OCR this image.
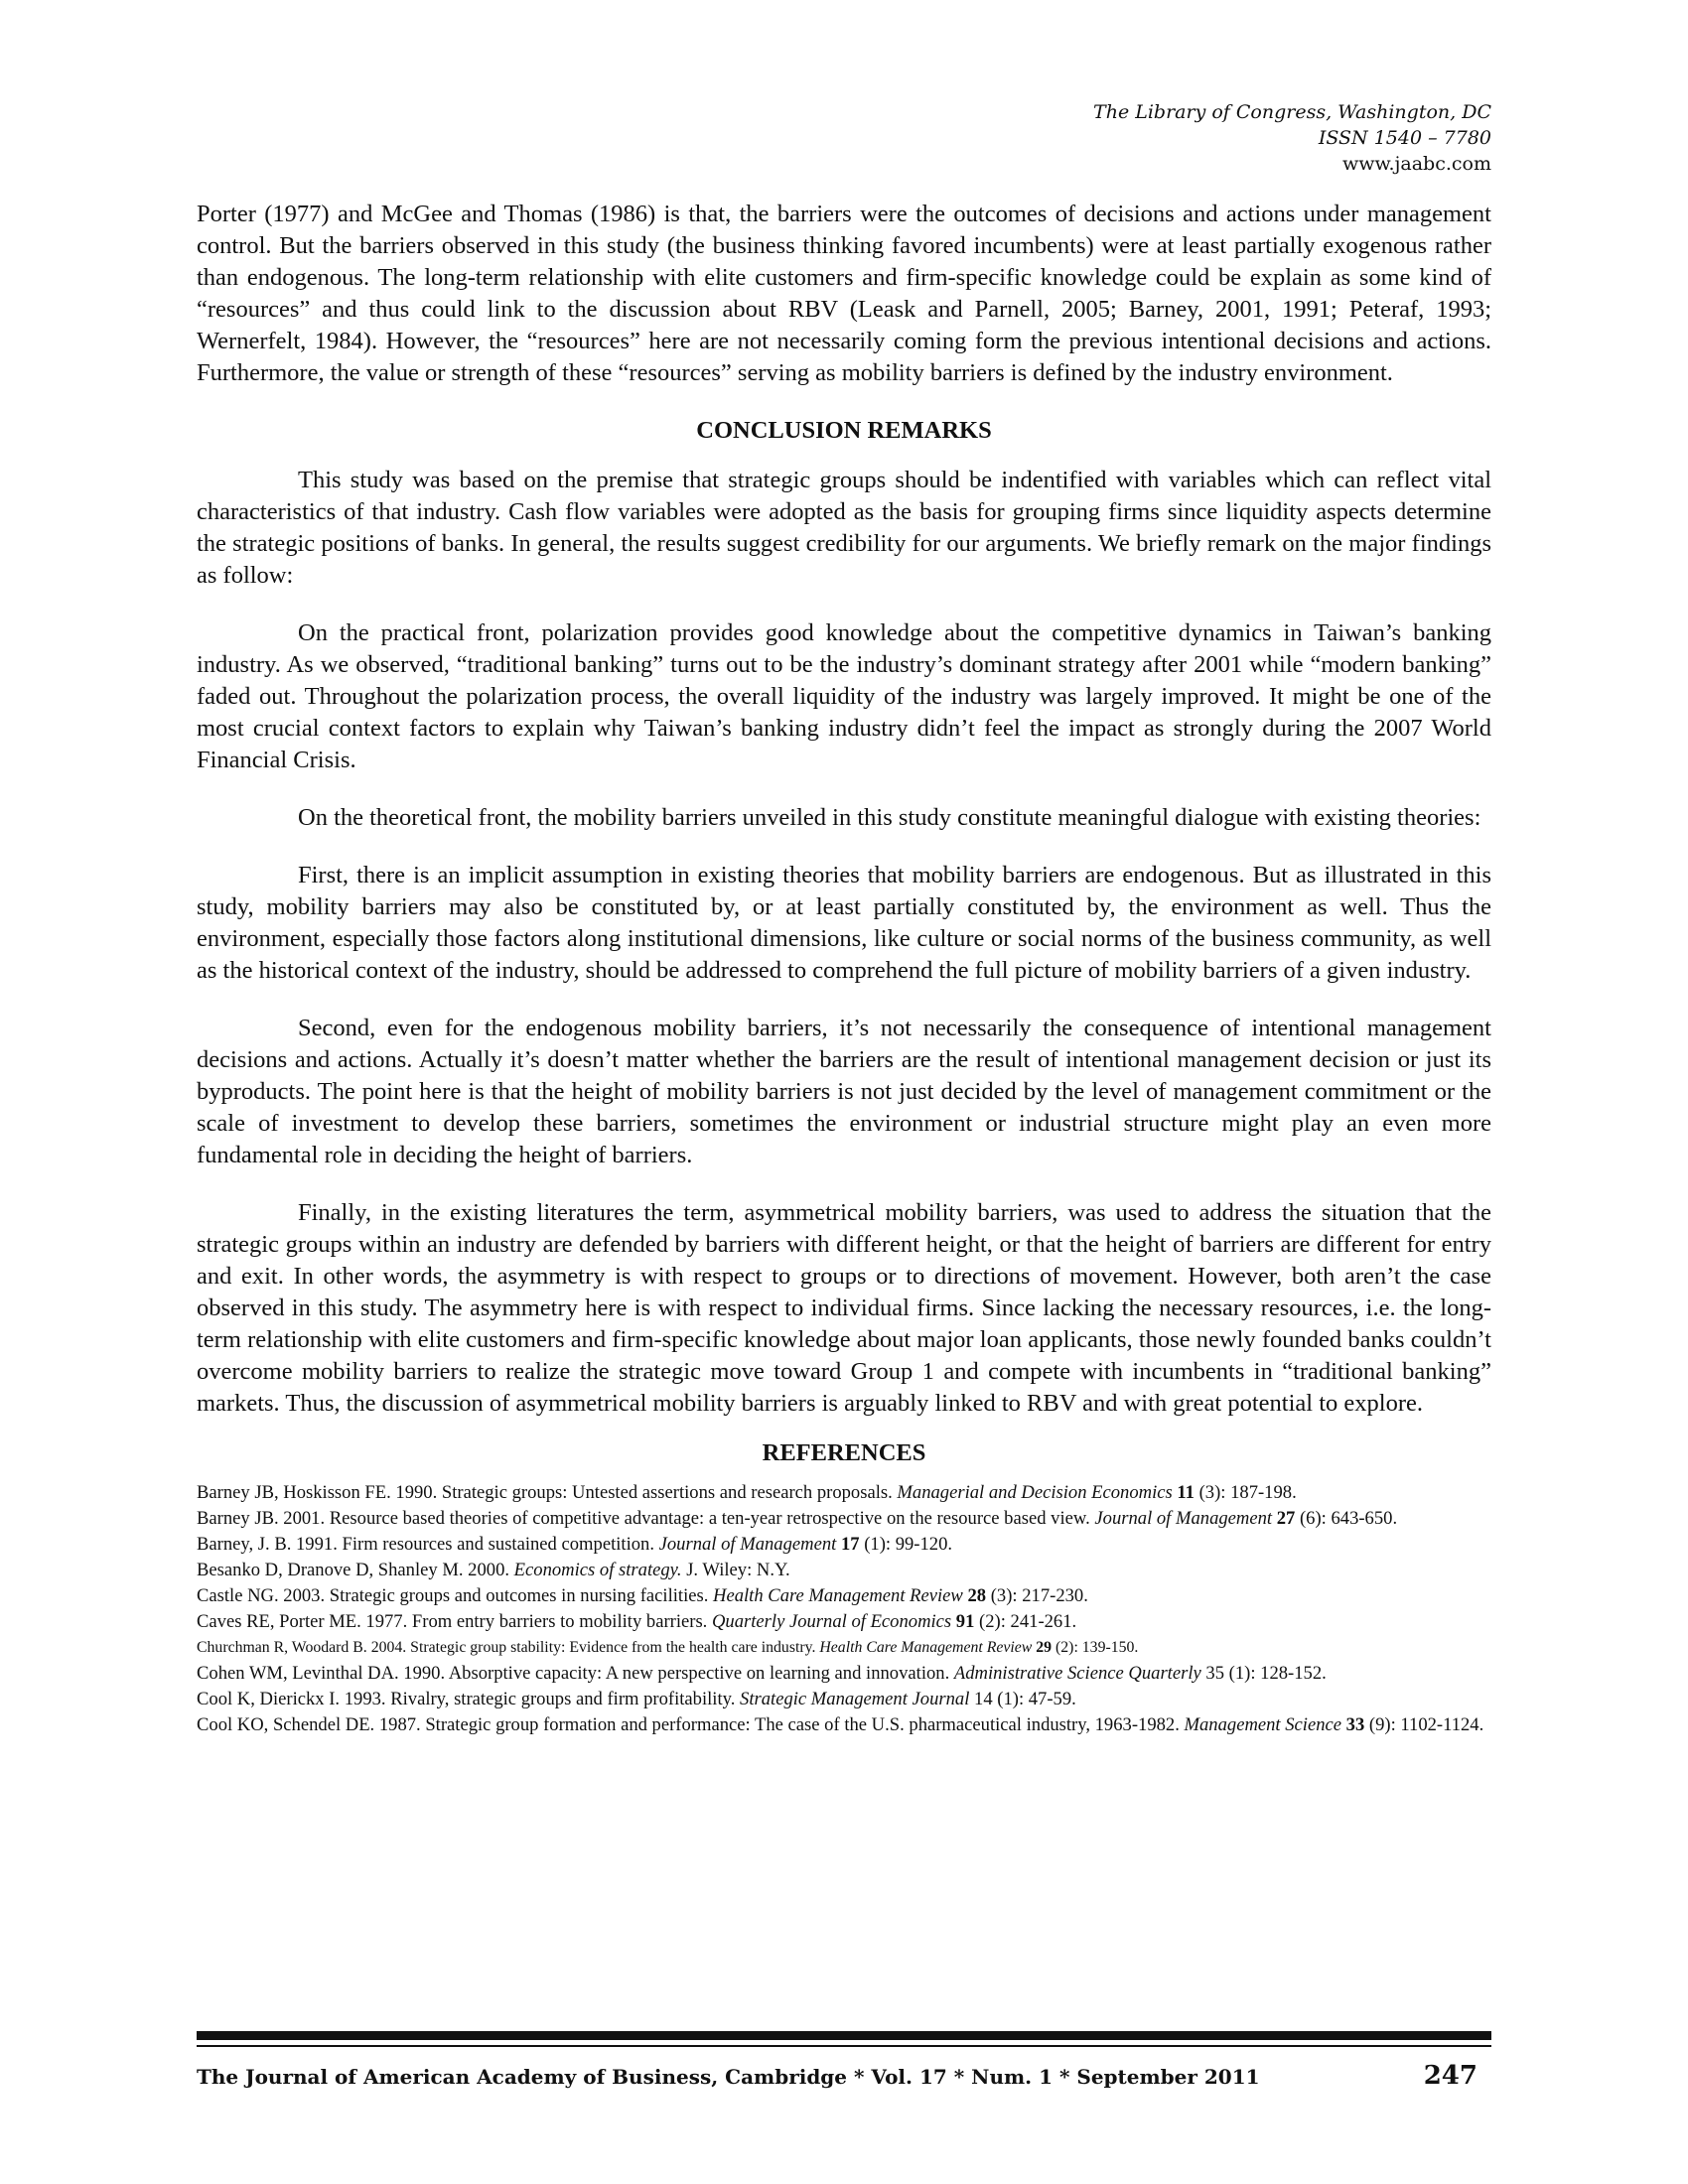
The Library of Congress, Washington, DC
ISSN 1540 – 7780
www.jaabc.com

Porter (1977) and McGee and Thomas (1986) is that, the barriers were the outcomes of decisions and actions under management control. But the barriers observed in this study (the business thinking favored incumbents) were at least partially exogenous rather than endogenous. The long-term relationship with elite customers and firm-specific knowledge could be explain as some kind of “resources” and thus could link to the discussion about RBV (Leask and Parnell, 2005; Barney, 2001, 1991; Peteraf, 1993; Wernerfelt, 1984). However, the “resources” here are not necessarily coming form the previous intentional decisions and actions. Furthermore, the value or strength of these “resources” serving as mobility barriers is defined by the industry environment.

CONCLUSION REMARKS

This study was based on the premise that strategic groups should be indentified with variables which can reflect vital characteristics of that industry. Cash flow variables were adopted as the basis for grouping firms since liquidity aspects determine the strategic positions of banks. In general, the results suggest credibility for our arguments. We briefly remark on the major findings as follow:

On the practical front, polarization provides good knowledge about the competitive dynamics in Taiwan’s banking industry. As we observed, “traditional banking” turns out to be the industry’s dominant strategy after 2001 while “modern banking” faded out. Throughout the polarization process, the overall liquidity of the industry was largely improved. It might be one of the most crucial context factors to explain why Taiwan’s banking industry didn’t feel the impact as strongly during the 2007 World Financial Crisis.

On the theoretical front, the mobility barriers unveiled in this study constitute meaningful dialogue with existing theories:

First, there is an implicit assumption in existing theories that mobility barriers are endogenous. But as illustrated in this study, mobility barriers may also be constituted by, or at least partially constituted by, the environment as well. Thus the environment, especially those factors along institutional dimensions, like culture or social norms of the business community, as well as the historical context of the industry, should be addressed to comprehend the full picture of mobility barriers of a given industry.

Second, even for the endogenous mobility barriers, it’s not necessarily the consequence of intentional management decisions and actions. Actually it’s doesn’t matter whether the barriers are the result of intentional management decision or just its byproducts. The point here is that the height of mobility barriers is not just decided by the level of management commitment or the scale of investment to develop these barriers, sometimes the environment or industrial structure might play an even more fundamental role in deciding the height of barriers.

Finally, in the existing literatures the term, asymmetrical mobility barriers, was used to address the situation that the strategic groups within an industry are defended by barriers with different height, or that the height of barriers are different for entry and exit. In other words, the asymmetry is with respect to groups or to directions of movement. However, both aren’t the case observed in this study. The asymmetry here is with respect to individual firms. Since lacking the necessary resources, i.e. the long-term relationship with elite customers and firm-specific knowledge about major loan applicants, those newly founded banks couldn’t overcome mobility barriers to realize the strategic move toward Group 1 and compete with incumbents in “traditional banking” markets. Thus, the discussion of asymmetrical mobility barriers is arguably linked to RBV and with great potential to explore.

REFERENCES
Barney JB, Hoskisson FE. 1990. Strategic groups: Untested assertions and research proposals. Managerial and Decision Economics 11 (3): 187-198.
Barney JB. 2001. Resource based theories of competitive advantage: a ten-year retrospective on the resource based view. Journal of Management 27 (6): 643-650.
Barney, J. B. 1991. Firm resources and sustained competition. Journal of Management 17 (1): 99-120.
Besanko D, Dranove D, Shanley M. 2000. Economics of strategy. J. Wiley: N.Y.
Castle NG. 2003. Strategic groups and outcomes in nursing facilities. Health Care Management Review 28 (3): 217-230.
Caves RE, Porter ME. 1977. From entry barriers to mobility barriers. Quarterly Journal of Economics 91 (2): 241-261.
Churchman R, Woodard B. 2004. Strategic group stability: Evidence from the health care industry. Health Care Management Review 29 (2): 139-150.
Cohen WM, Levinthal DA. 1990. Absorptive capacity: A new perspective on learning and innovation. Administrative Science Quarterly 35 (1): 128-152.
Cool K, Dierickx I. 1993. Rivalry, strategic groups and firm profitability. Strategic Management Journal 14 (1): 47-59.
Cool KO, Schendel DE. 1987. Strategic group formation and performance: The case of the U.S. pharmaceutical industry, 1963-1982. Management Science 33 (9): 1102-1124.
The Journal of American Academy of Business, Cambridge * Vol. 17 * Num. 1 * September 2011	247
